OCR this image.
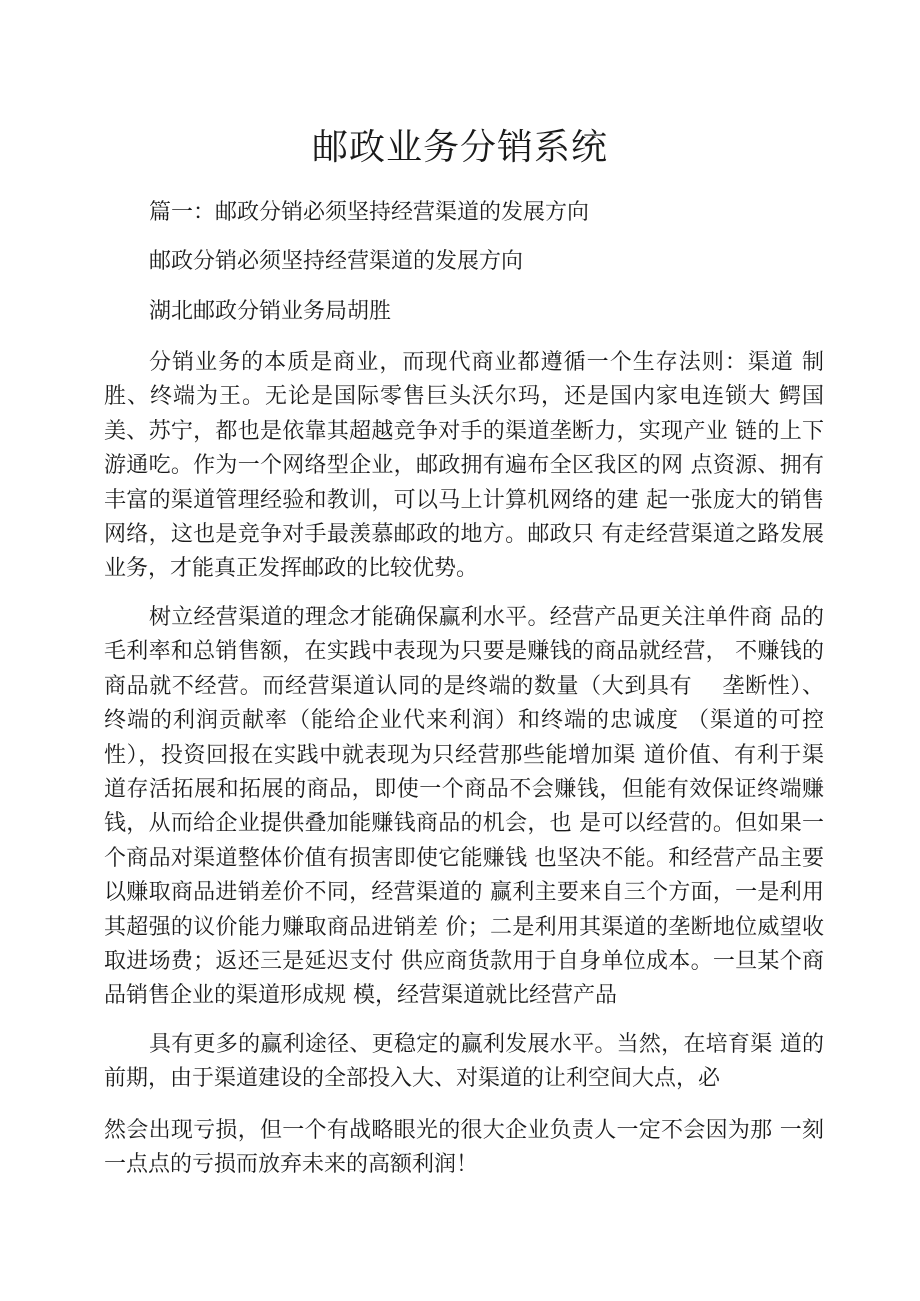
邮政业务分销系统

篇一：邮政分销必须坚持经营渠道的发展方向

邮政分销必须坚持经营渠道的发展方向

湖北邮政分销业务局胡胜

分销业务的本质是商业，而现代商业都遵循一个生存法则：渠道 制胜、终端为王。无论是国际零售巨头沃尔玛，还是国内家电连锁大 鳄国美、苏宁，都也是依靠其超越竞争对手的渠道垄断力，实现产业 链的上下游通吃。作为一个网络型企业，邮政拥有遍布全区我区的网 点资源、拥有丰富的渠道管理经验和教训，可以马上计算机网络的建 起一张庞大的销售网络，这也是竞争对手最羡慕邮政的地方。邮政只 有走经营渠道之路发展业务，才能真正发挥邮政的比较优势。

树立经营渠道的理念才能确保赢利水平。经营产品更关注单件商 品的毛利率和总销售额，在实践中表现为只要是赚钱的商品就经营， 不赚钱的商品就不经营。而经营渠道认同的是终端的数量（大到具有　 垄断性）、终端的利润贡献率（能给企业代来利润）和终端的忠诚度 （渠道的可控性），投资回报在实践中就表现为只经营那些能增加渠 道价值、有利于渠道存活拓展和拓展的商品，即使一个商品不会赚钱，但能有效保证终端赚钱，从而给企业提供叠加能赚钱商品的机会，也 是可以经营的。但如果一个商品对渠道整体价值有损害即使它能赚钱 也坚决不能。和经营产品主要以赚取商品进销差价不同，经营渠道的 赢利主要来自三个方面，一是利用其超强的议价能力赚取商品进销差 价；二是利用其渠道的垄断地位威望收取进场费；返还三是延迟支付 供应商货款用于自身单位成本。一旦某个商品销售企业的渠道形成规 模，经营渠道就比经营产品

具有更多的赢利途径、更稳定的赢利发展水平。当然，在培育渠 道的前期，由于渠道建设的全部投入大、对渠道的让利空间大点，必

然会出现亏损，但一个有战略眼光的很大企业负责人一定不会因为那 一刻一点点的亏损而放弃未来的高额利润！
